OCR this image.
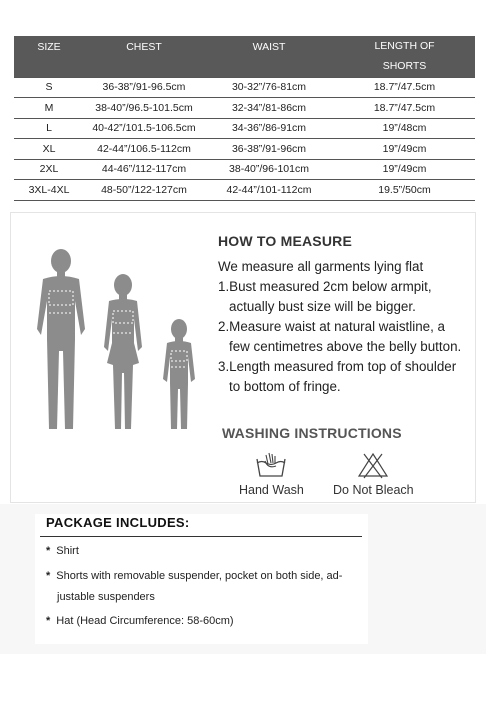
SIZE	CHEST	WAIST	LENGTH OF
SHORTS
S	36-38”/91-96.5cm	30-32”/76-81cm	18.7”/47.5cm
M	38-40”/96.5-101.5cm	32-34”/81-86cm	18.7”/47.5cm
L	40-42”/101.5-106.5cm	34-36”/86-91cm	19”/48cm
XL	42-44”/106.5-112cm	36-38”/91-96cm	19”/49cm
2XL	44-46”/112-117cm	38-40”/96-101cm	19”/49cm
3XL-4XL	48-50”/122-127cm	42-44”/101-112cm	19.5”/50cm
HOW TO MEASURE
We measure all garments lying flat
1.Bust measured 2cm below armpit,
actually bust size will be bigger.
2.Measure waist at natural waistline, a
few centimetres above the belly button.
3.Length measured from top of shoulder
to bottom of fringe.
WASHING INSTRUCTIONS
Hand Wash Do Not Bleach
PACKAGE INCLUDES:
* Shirt
* Shorts with removable suspender, pocket on both side, ad-
justable suspenders
* Hat (Head Circumference: 58-60cm)
